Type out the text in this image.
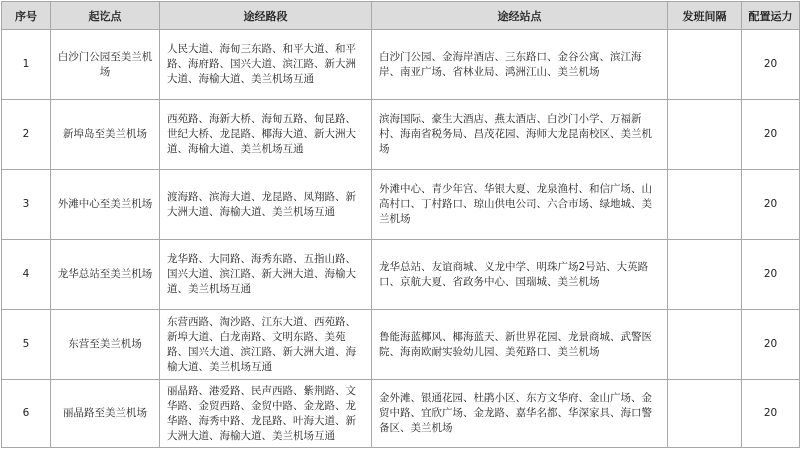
序号	起讫点	途经路段	途经站点	发班间隔	配置运力
1	白沙门公园至美兰机场	人民大道、海甸三东路、和平大道、和平路、海府路、国兴大道、滨江路、新大洲大道、海榆大道、美兰机场互通	白沙门公园、金海岸酒店、三东路口、金谷公寓、滨江海岸、南亚广场、省林业局、鸿洲江山、美兰机场		20
2	新埠岛至美兰机场	西苑路、海新大桥、海甸五路、甸昆路、世纪大桥、龙昆路、椰海大道、新大洲大道、海榆大道、美兰机场互通	滨海国际、豪生大酒店、燕太酒店、白沙门小学、万福新村、海南省税务局、昌茂花园、海师大龙昆南校区、美兰机场		20
3	外滩中心至美兰机场	渡海路、滨海大道、龙昆路、凤翔路、新大洲大道、海榆大道、美兰机场互通	外滩中心、青少年宫、华银大夏、龙泉渔村、和信广场、山高村口、丁村路口、琼山供电公司、六合市场、绿地城、美兰机场		20
4	龙华总站至美兰机场	龙华路、大同路、海秀东路、五指山路、国兴大道、滨江路、新大洲大道、海榆大道、美兰机场互通	龙华总站、友谊商城、义龙中学、明珠广场2号站、大英路口、京航大夏、省政务中心、国瑞城、美兰机场		20
5	东营至美兰机场	东营西路、淘沙路、江东大道、西苑路、新埠大道、白龙南路、文明东路、美苑路、国兴大道、滨江路、新大洲大道、海榆大道、美兰机场互通	鲁能海蓝椰风、椰海蓝天、新世界花园、龙景商城、武警医院、海南欧耐实验幼儿园、美苑路口、美兰机场		20
6	丽晶路至美兰机场	丽晶路、港爱路、民声西路、紫荆路、文华路、金贸西路、金贸中路、金龙路、龙华路、海秀中路、龙昆路、叶海大道、新大洲大道、海榆大道、美兰机场互通	金外滩、银通花园、杜鹃小区、东方文华府、金山广场、金贸中路、宜欣广场、金龙路、嘉华名都、华深家具、海口警备区、美兰机场		20
